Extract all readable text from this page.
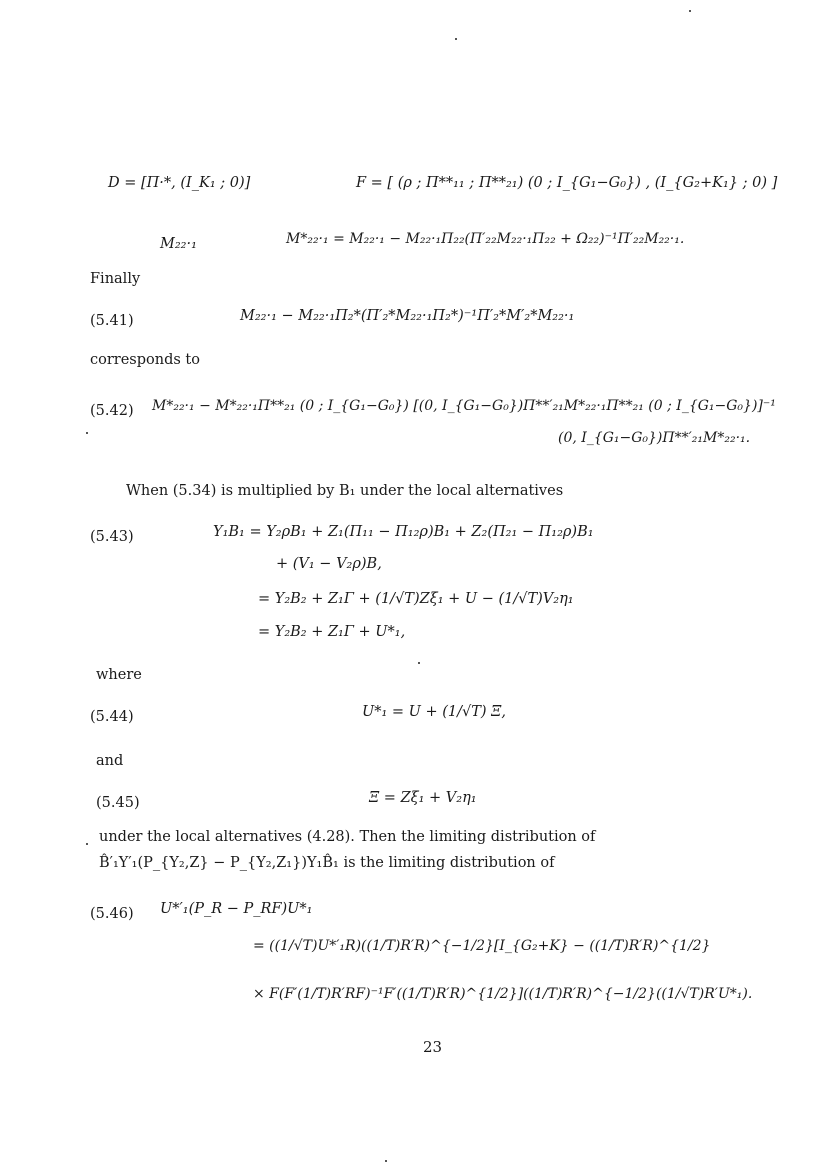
D = [Π·*, (I_K₁ ; 0)]	F = [ (ρ ; Π**₁₁ ; Π**₂₁) (0 ; I_{G₁−G₀}) , (I_{G₂+K₁} ; 0) ]
M₂₂·₁	M*₂₂·₁ = M₂₂·₁ − M₂₂·₁Π₂₂(Π′₂₂M₂₂·₁Π₂₂ + Ω₂₂)⁻¹Π′₂₂M₂₂·₁.
Finally
(5.41)	M₂₂·₁ − M₂₂·₁Π₂*(Π′₂*M₂₂·₁Π₂*)⁻¹Π′₂*M′₂*M₂₂·₁
corresponds to
(5.42) M*₂₂·₁ − M*₂₂·₁Π**₂₁ (0 ; I_{G₁−G₀}) [(0, I_{G₁−G₀})Π**′₂₁M*₂₂·₁Π**₂₁ (0 ; I_{G₁−G₀})]⁻¹
(0, I_{G₁−G₀})Π**′₂₁M*₂₂·₁.
When (5.34) is multiplied by B₁ under the local alternatives
(5.43)	Y₁B₁ = Y₂ρB₁ + Z₁(Π₁₁ − Π₁₂ρ)B₁ + Z₂(Π₂₁ − Π₁₂ρ)B₁
+ (V₁ − V₂ρ)B,
= Y₂B₂ + Z₁Γ + (1/√T)Zξ₁ + U − (1/√T)V₂η₁
= Y₂B₂ + Z₁Γ + U*₁,
where
(5.44)	U*₁ = U + (1/√T) Ξ,
and
(5.45)	Ξ = Zξ₁ + V₂η₁
under the local alternatives (4.28). Then the limiting distribution of
B̂′₁Y′₁(P_{Y₂,Z} − P_{Y₂,Z₁})Y₁B̂₁ is the limiting distribution of
(5.46) U*′₁(P_R − P_RF)U*₁
= ((1/√T)U*′₁R)((1/T)R′R)^{−1/2}[I_{G₂+K} − ((1/T)R′R)^{1/2}
× F(F′(1/T)R′RF)⁻¹F′((1/T)R′R)^{1/2}]((1/T)R′R)^{−1/2}((1/√T)R′U*₁).
23
